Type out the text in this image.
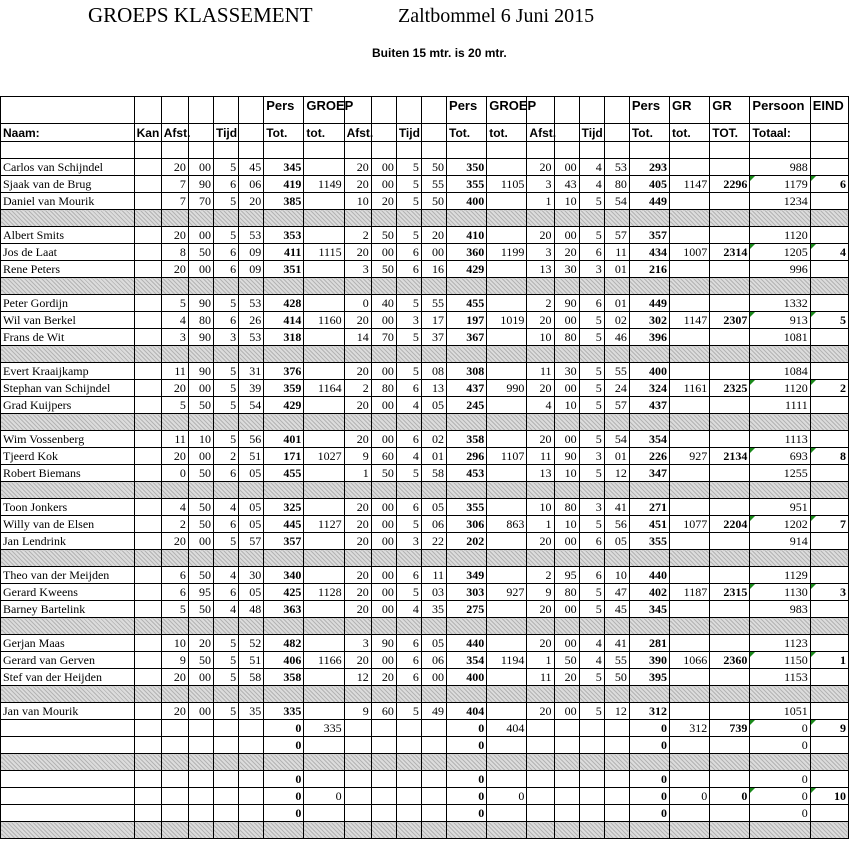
GROEPS KLASSEMENT	Zaltbommel 6 Juni 2015
Buiten 15 mtr. is 20 mtr.
						Pers	GROEP					Pers	GROEP					Pers	GR	GR	Persoon	EIND
Naam:	Kan	Afst.		Tijd		Tot.	tot.	Afst.		Tijd		Tot.	tot.	Afst.		Tijd		Tot.	tot.	TOT.	Totaal:	

Carlos van Schijndel		20	00	5	45	345		20	00	5	50	350		20	00	4	53	293			988	
Sjaak van de Brug		7	90	6	06	419	1149	20	00	5	55	355	1105	3	43	4	80	405	1147	2296	1179	6
Daniel van Mourik		7	70	5	20	385		10	20	5	50	400		1	10	5	54	449			1234	

Albert Smits		20	00	5	53	353		2	50	5	20	410		20	00	5	57	357			1120	
Jos de Laat		8	50	6	09	411	1115	20	00	6	00	360	1199	3	20	6	11	434	1007	2314	1205	4
Rene Peters		20	00	6	09	351		3	50	6	16	429		13	30	3	01	216			996	

Peter Gordijn		5	90	5	53	428		0	40	5	55	455		2	90	6	01	449			1332	
Wil van Berkel		4	80	6	26	414	1160	20	00	3	17	197	1019	20	00	5	02	302	1147	2307	913	5
Frans de Wit		3	90	3	53	318		14	70	5	37	367		10	80	5	46	396			1081	

Evert Kraaijkamp		11	90	5	31	376		20	00	5	08	308		11	30	5	55	400			1084	
Stephan van Schijndel		20	00	5	39	359	1164	2	80	6	13	437	990	20	00	5	24	324	1161	2325	1120	2
Grad Kuijpers		5	50	5	54	429		20	00	4	05	245		4	10	5	57	437			1111	

Wim Vossenberg		11	10	5	56	401		20	00	6	02	358		20	00	5	54	354			1113	
Tjeerd Kok		20	00	2	51	171	1027	9	60	4	01	296	1107	11	90	3	01	226	927	2134	693	8
Robert Biemans		0	50	6	05	455		1	50	5	58	453		13	10	5	12	347			1255	

Toon Jonkers		4	50	4	05	325		20	00	6	05	355		10	80	3	41	271			951	
Willy van de Elsen		2	50	6	05	445	1127	20	00	5	06	306	863	1	10	5	56	451	1077	2204	1202	7
Jan Lendrink		20	00	5	57	357		20	00	3	22	202		20	00	6	05	355			914	

Theo van der Meijden		6	50	4	30	340		20	00	6	11	349		2	95	6	10	440			1129	
Gerard Kweens		6	95	6	05	425	1128	20	00	5	03	303	927	9	80	5	47	402	1187	2315	1130	3
Barney Bartelink		5	50	4	48	363		20	00	4	35	275		20	00	5	45	345			983	

Gerjan Maas		10	20	5	52	482		3	90	6	05	440		20	00	4	41	281			1123	
Gerard van Gerven		9	50	5	51	406	1166	20	00	6	06	354	1194	1	50	4	55	390	1066	2360	1150	1
Stef van der Heijden		20	00	5	58	358		12	20	6	00	400		11	20	5	50	395			1153	

Jan van Mourik		20	00	5	35	335		9	60	5	49	404		20	00	5	12	312			1051	
						0	335					0	404					0	312	739	0	9
						0						0						0			0	

						0						0						0			0	
						0	0					0	0					0	0	0	0	10
						0						0						0			0	
